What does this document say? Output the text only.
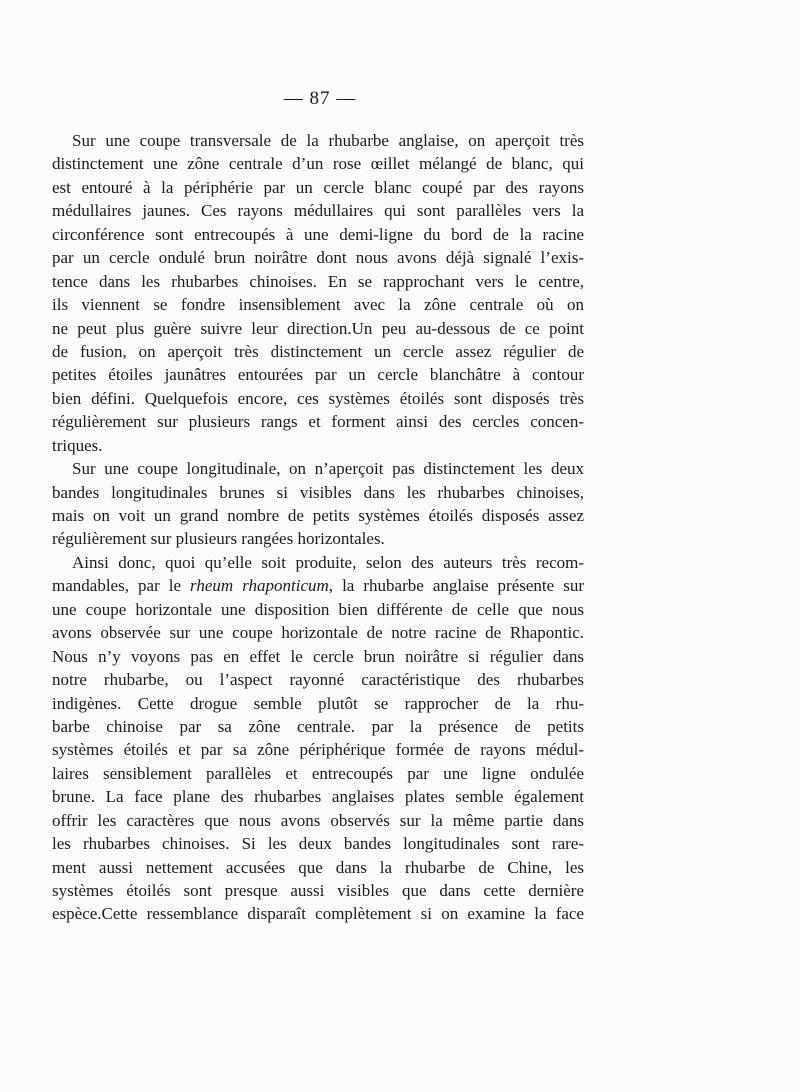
— 87 —
Sur une coupe transversale de la rhubarbe anglaise, on aperçoit très
distinctement une zône centrale d’un rose œillet mélangé de blanc, qui
est entouré à la périphérie par un cercle blanc coupé par des rayons
médullaires jaunes. Ces rayons médullaires qui sont parallèles vers la
circonférence sont entrecoupés à une demi-ligne du bord de la racine
par un cercle ondulé brun noirâtre dont nous avons déjà signalé l’exis-
tence dans les rhubarbes chinoises. En se rapprochant vers le centre,
ils viennent se fondre insensiblement avec la zône centrale où on
ne peut plus guère suivre leur direction.Un peu au-dessous de ce point
de fusion, on aperçoit très distinctement un cercle assez régulier de
petites étoiles jaunâtres entourées par un cercle blanchâtre à contour
bien défini. Quelquefois encore, ces systèmes étoilés sont disposés très
régulièrement sur plusieurs rangs et forment ainsi des cercles concen-
triques.
Sur une coupe longitudinale, on n’aperçoit pas distinctement les deux
bandes longitudinales brunes si visibles dans les rhubarbes chinoises,
mais on voit un grand nombre de petits systèmes étoilés disposés assez
régulièrement sur plusieurs rangées horizontales.
Ainsi donc, quoi qu’elle soit produite, selon des auteurs très recom-
mandables, par le rheum rhaponticum, la rhubarbe anglaise présente sur
une coupe horizontale une disposition bien différente de celle que nous
avons observée sur une coupe horizontale de notre racine de Rhapontic.
Nous n’y voyons pas en effet le cercle brun noirâtre si régulier dans
notre rhubarbe, ou l’aspect rayonné caractéristique des rhubarbes
indigènes. Cette drogue semble plutôt se rapprocher de la rhu-
barbe chinoise par sa zône centrale. par la présence de petits
systèmes étoilés et par sa zône périphérique formée de rayons médul-
laires sensiblement parallèles et entrecoupés par une ligne ondulée
brune. La face plane des rhubarbes anglaises plates semble également
offrir les caractères que nous avons observés sur la même partie dans
les rhubarbes chinoises. Si les deux bandes longitudinales sont rare-
ment aussi nettement accusées que dans la rhubarbe de Chine, les
systèmes étoilés sont presque aussi visibles que dans cette dernière
espèce.Cette ressemblance disparaît complètement si on examine la face
